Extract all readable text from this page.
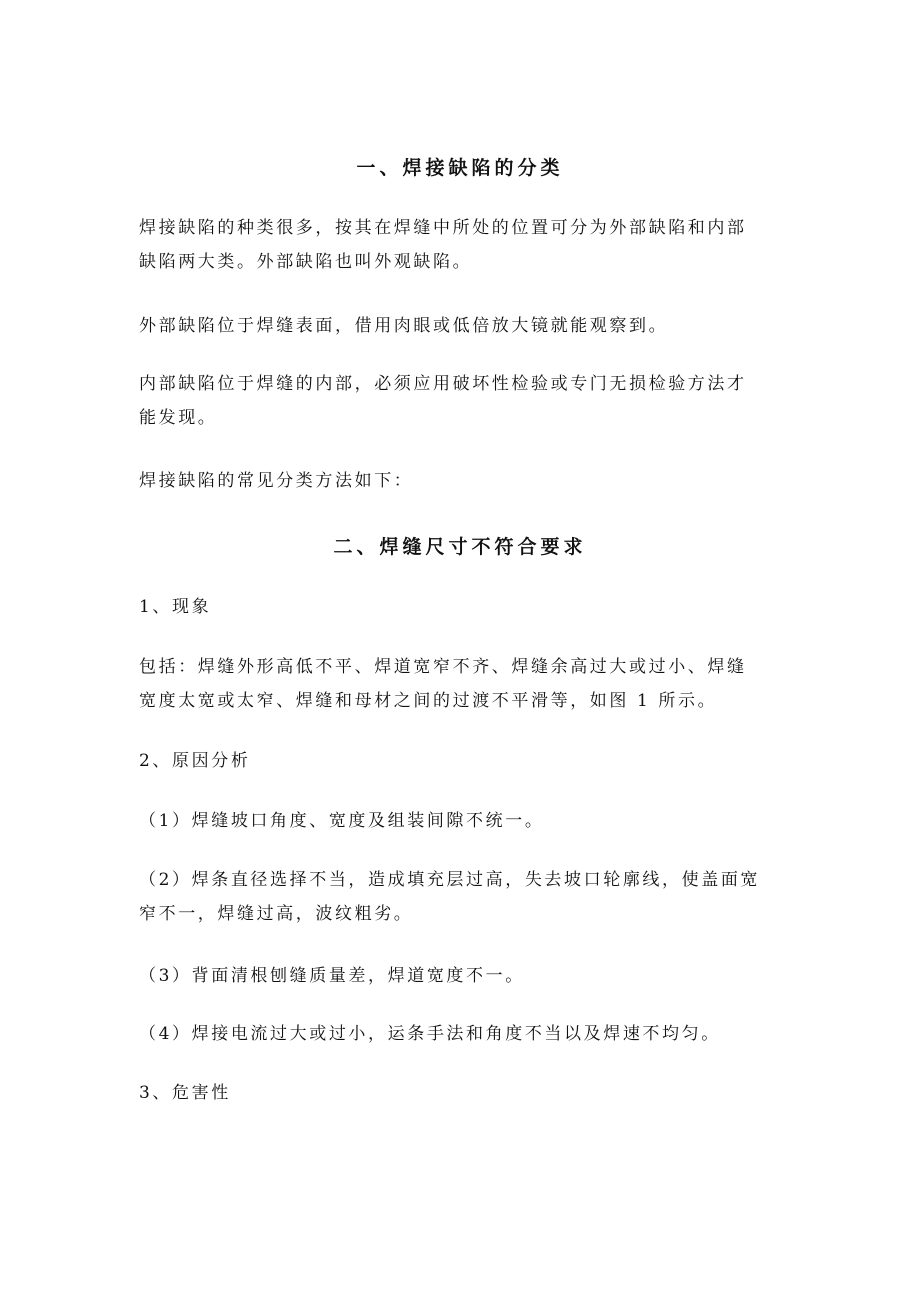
一、焊接缺陷的分类

焊接缺陷的种类很多，按其在焊缝中所处的位置可分为外部缺陷和内部
缺陷两大类。外部缺陷也叫外观缺陷。

外部缺陷位于焊缝表面，借用肉眼或低倍放大镜就能观察到。

内部缺陷位于焊缝的内部，必须应用破坏性检验或专门无损检验方法才
能发现。

焊接缺陷的常见分类方法如下：

二、焊缝尺寸不符合要求

1、现象

包括：焊缝外形高低不平、焊道宽窄不齐、焊缝余高过大或过小、焊缝
宽度太宽或太窄、焊缝和母材之间的过渡不平滑等，如图 1 所示。

2、原因分析

（1）焊缝坡口角度、宽度及组装间隙不统一。

（2）焊条直径选择不当，造成填充层过高，失去坡口轮廓线，使盖面宽
窄不一，焊缝过高，波纹粗劣。

（3）背面清根刨缝质量差，焊道宽度不一。

（4）焊接电流过大或过小，运条手法和角度不当以及焊速不均匀。

3、危害性
